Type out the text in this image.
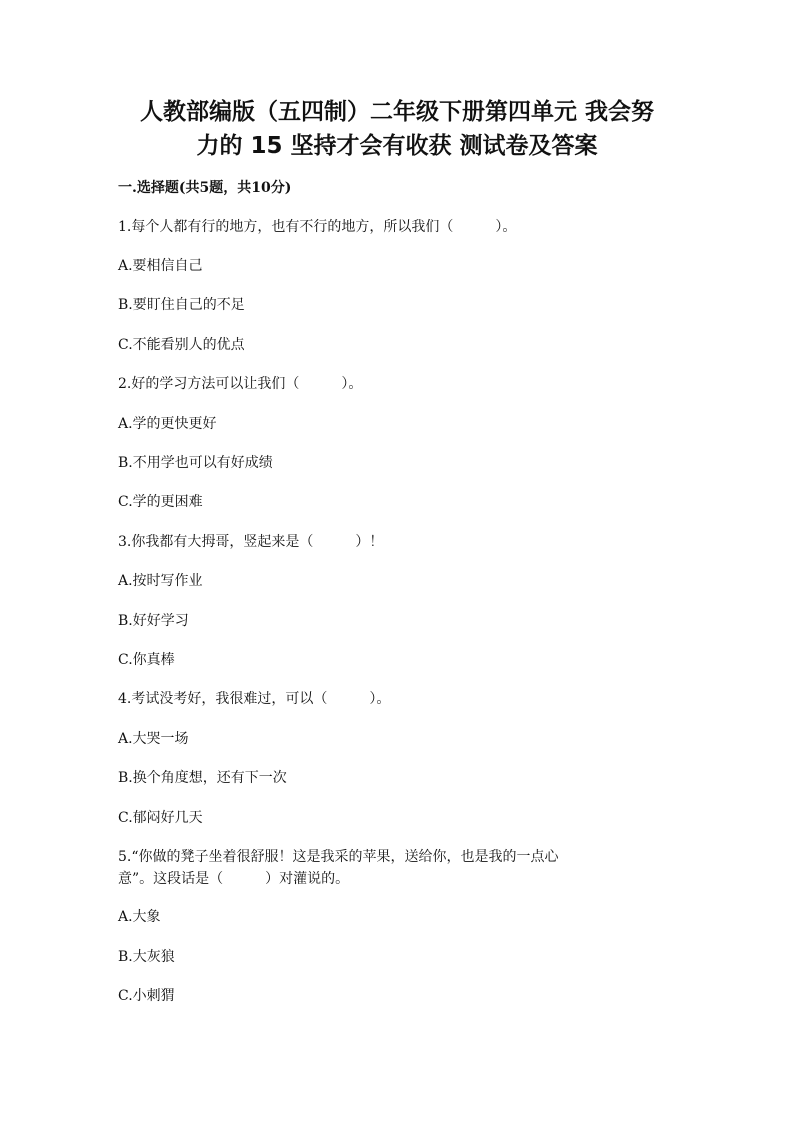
人教部编版（五四制）二年级下册第四单元 我会努
力的 15 坚持才会有收获 测试卷及答案

一.选择题(共5题，共10分)

1.每个人都有行的地方，也有不行的地方，所以我们（　　　）。

A.要相信自己

B.要盯住自己的不足

C.不能看别人的优点

2.好的学习方法可以让我们（　　　）。

A.学的更快更好

B.不用学也可以有好成绩

C.学的更困难

3.你我都有大拇哥，竖起来是（　　　）！

A.按时写作业

B.好好学习

C.你真棒

4.考试没考好，我很难过，可以（　　　）。

A.大哭一场

B.换个角度想，还有下一次

C.郁闷好几天

5.“你做的凳子坐着很舒服！这是我采的苹果，送给你，也是我的一点心

意”。这段话是（　　　）对灌说的。

A.大象

B.大灰狼

C.小刺猬
